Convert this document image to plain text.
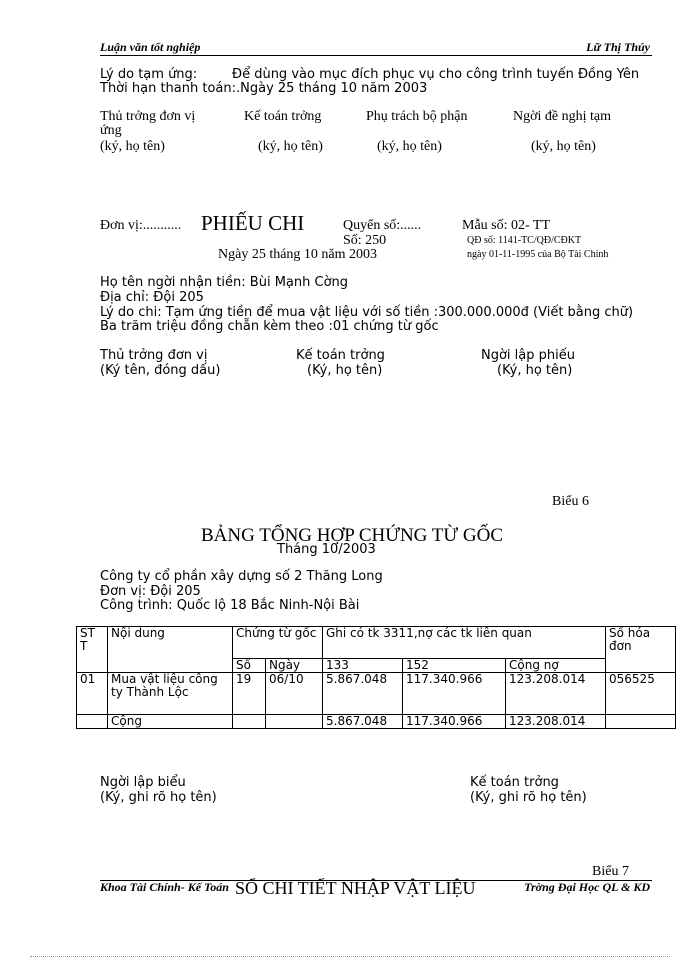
Luận văn tốt nghiệp	Lữ Thị Thúy
Lý do tạm ứng:	Để dùng vào mục đích phục vụ cho công trình tuyến Đồng Yên
Thời hạn thanh toán:.Ngày 25 tháng 10 năm 2003
Thủ trởng đơn vị	Kế toán trởng	Phụ trách bộ phận	Ngời đề nghị tạm
ứng
(ký, họ tên)	(ký, họ tên)	(ký, họ tên)	(ký, họ tên)
Đơn vị:........... PHIẾU CHI	Quyển số:......
Số: 250
Mẫu số: 02- TT
QĐ số: 1141-TC/QĐ/CĐKT
ngày 01-11-1995 của Bộ Tài Chính
Ngày 25 tháng 10 năm 2003
Họ tên ngời nhận tiền: Bùi Mạnh Cờng
Địa chỉ: Đội 205
Lý do chi: Tạm ứng tiền để mua vật liệu với số tiền :300.000.000đ (Viết bằng chữ)
Ba trăm triệu đồng chẵn kèm theo :01 chứng từ gốc
Thủ trởng đơn vị	Kế toán trởng	Ngời lập phiếu
(Ký tên, đóng dấu)	(Ký, họ tên)	(Ký, họ tên)
Biểu 6
BẢNG TỔNG HỢP CHỨNG TỪ GỐC
Tháng 10/2003
Công ty cổ phần xây dựng số 2 Thăng Long
Đơn vị: Đội 205
Công trình: Quốc lộ 18 Bắc Ninh-Nội Bài
ST T	Nội dung	Chứng từ gốc		Ghi có tk 3311,nợ các tk liên quan			Số hóa đơn
		Số	Ngày	133	152	Cộng nợ	
01	Mua vật liệu công ty Thành Lộc	19	06/10	5.867.048	117.340.966	123.208.014	056525
	Cộng			5.867.048	117.340.966	123.208.014	
Ngời lập biểu
(Ký, ghi rõ họ tên)
Kế toán trởng
(Ký, ghi rõ họ tên)
Biểu 7
SỔ CHI TIẾT NHẬP VẬT LIỆU
Khoa Tài Chính- Kế Toán	Trờng Đại Học QL & KD
